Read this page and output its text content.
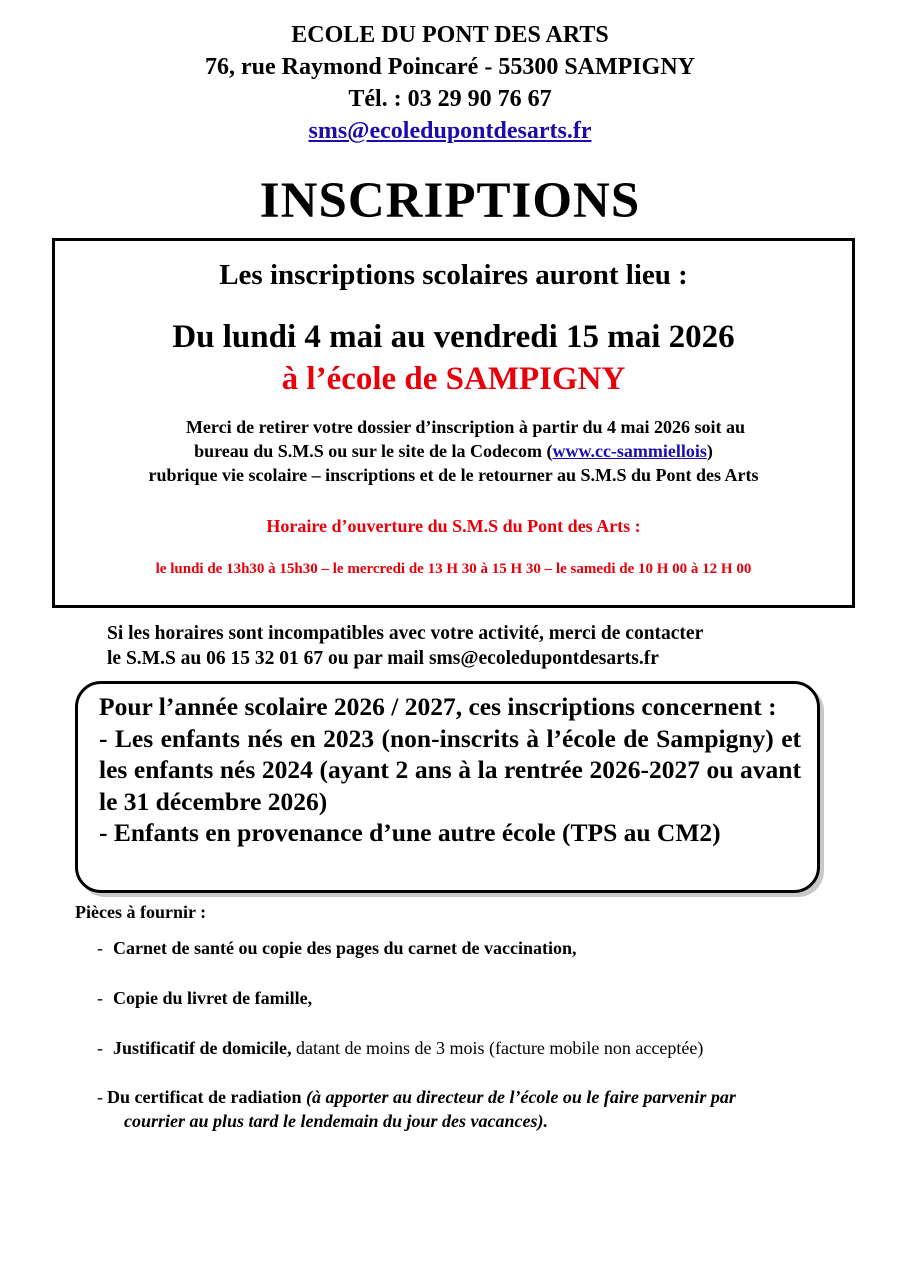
ECOLE DU PONT DES ARTS
76, rue Raymond Poincaré - 55300 SAMPIGNY
Tél. : 03 29 90 76 67
sms@ecoledupontdesarts.fr
INSCRIPTIONS
Les inscriptions scolaires auront lieu :
Du lundi 4 mai au vendredi 15 mai 2026
à l’école de SAMPIGNY
Merci de retirer votre dossier d’inscription à partir du 4 mai 2026 soit au
bureau du S.M.S ou sur le site de la Codecom (www.cc-sammiellois)
rubrique vie scolaire – inscriptions et de le retourner au S.M.S du Pont des Arts
Horaire d’ouverture du S.M.S du Pont des Arts :
le lundi de 13h30 à 15h30 – le mercredi de 13 H 30 à 15 H 30 – le samedi de 10 H 00 à 12 H 00
Si les horaires sont incompatibles avec votre activité, merci de contacter
le S.M.S au 06 15 32 01 67 ou par mail sms@ecoledupontdesarts.fr

Pour l’année scolaire 2026 / 2027, ces inscriptions concernent :

- Les enfants nés en 2023 (non-inscrits à l’école de Sampigny) et les enfants nés 2024 (ayant 2 ans à la rentrée 2026-2027 ou avant le 31 décembre 2026)

- Enfants en provenance d’une autre école (TPS au CM2)

Pièces à fournir :
- Carnet de santé ou copie des pages du carnet de vaccination,
- Copie du livret de famille,
- Justificatif de domicile, datant de moins de 3 mois (facture mobile non acceptée)
- Du certificat de radiation (à apporter au directeur de l’école ou le faire parvenir par
courrier au plus tard le lendemain du jour des vacances).
